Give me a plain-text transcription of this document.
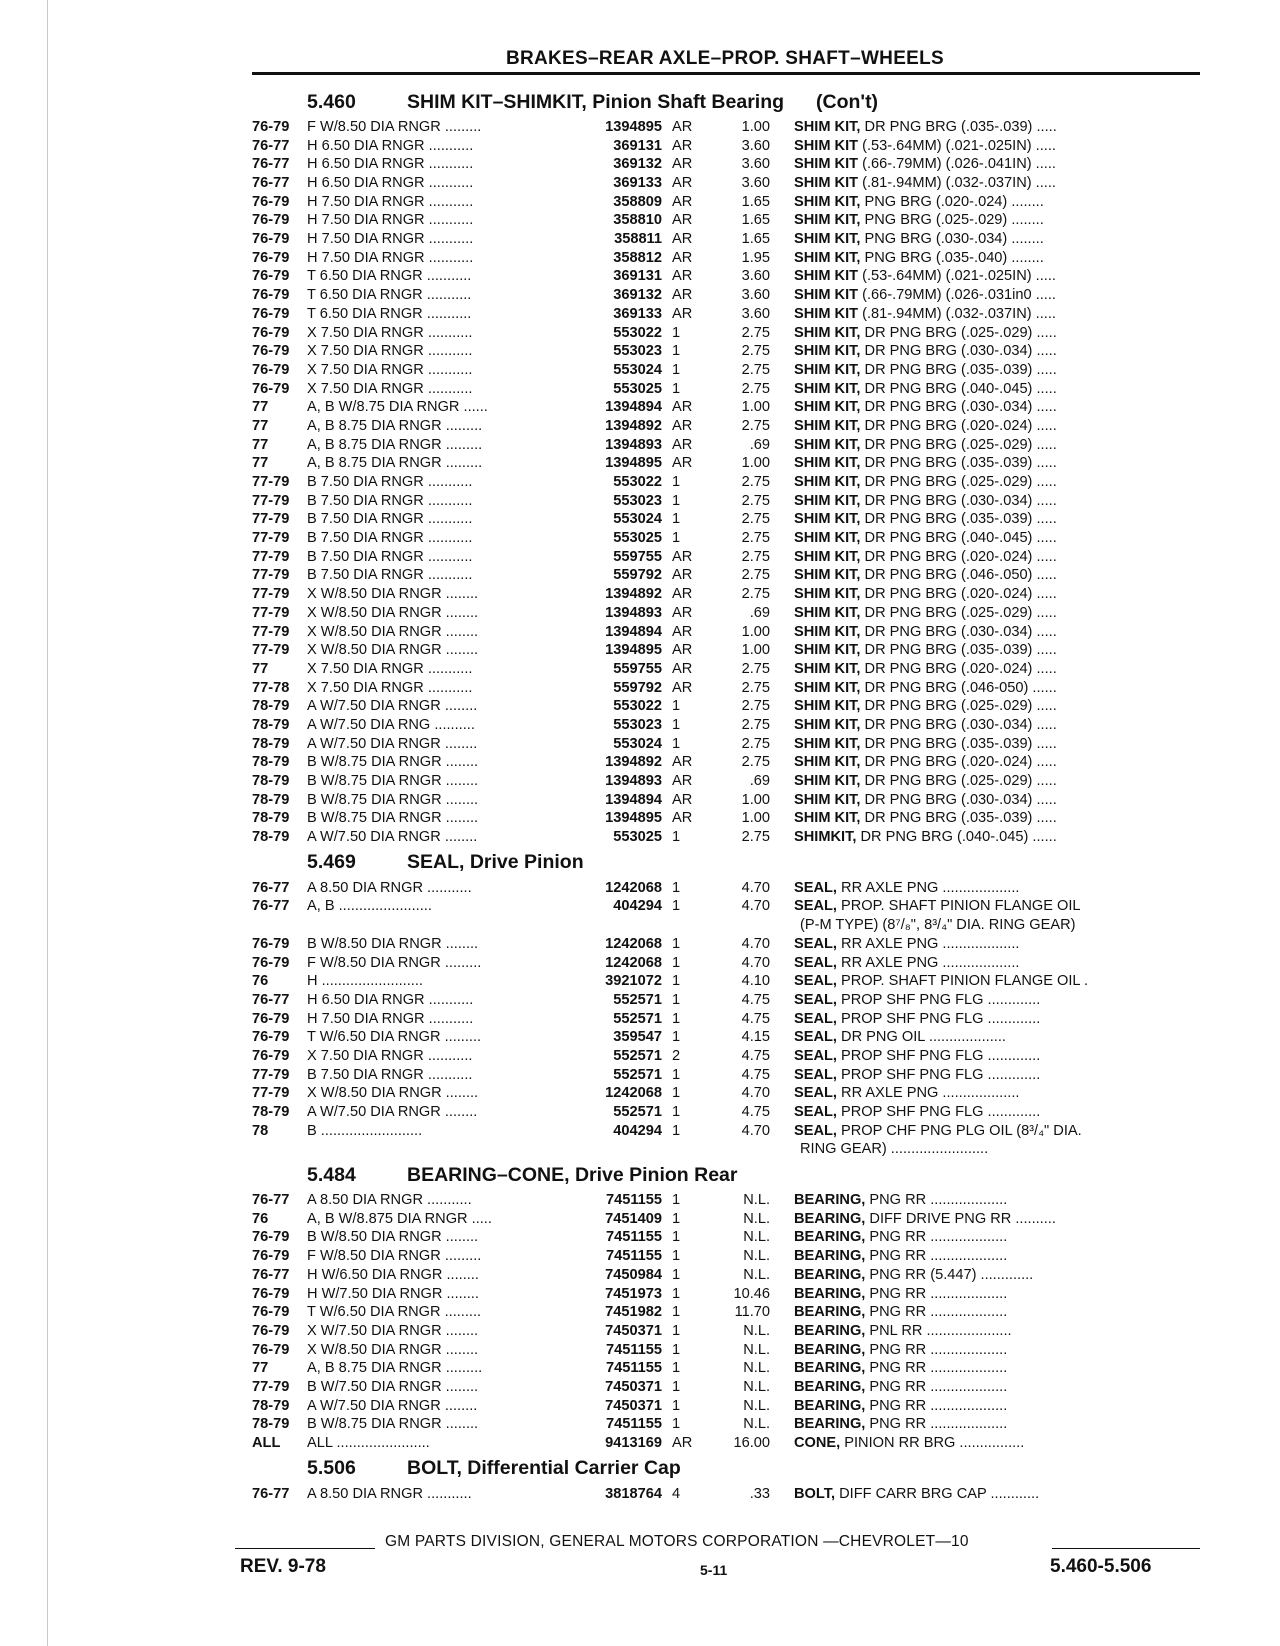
BRAKES–REAR AXLE–PROP. SHAFT–WHEELS
5.460	SHIM KIT–SHIMKIT, Pinion Shaft Bearing (Con't)
76-79	F W/8.50 DIA RNGR .........	1394895 AR	1.00	SHIM KIT, DR PNG BRG (.035-.039) .....
76-77	H 6.50 DIA RNGR ...........	369131 AR	3.60	SHIM KIT (.53-.64MM) (.021-.025IN) .....
76-77	H 6.50 DIA RNGR ...........	369132 AR	3.60	SHIM KIT (.66-.79MM) (.026-.041IN) .....
76-77	H 6.50 DIA RNGR ...........	369133 AR	3.60	SHIM KIT (.81-.94MM) (.032-.037IN) .....
76-79	H 7.50 DIA RNGR ...........	358809 AR	1.65	SHIM KIT, PNG BRG (.020-.024) ........
76-79	H 7.50 DIA RNGR ...........	358810 AR	1.65	SHIM KIT, PNG BRG (.025-.029) ........
76-79	H 7.50 DIA RNGR ...........	358811 AR	1.65	SHIM KIT, PNG BRG (.030-.034) ........
76-79	H 7.50 DIA RNGR ...........	358812 AR	1.95	SHIM KIT, PNG BRG (.035-.040) ........
76-79	T 6.50 DIA RNGR ...........	369131 AR	3.60	SHIM KIT (.53-.64MM) (.021-.025IN) .....
76-79	T 6.50 DIA RNGR ...........	369132 AR	3.60	SHIM KIT (.66-.79MM) (.026-.031in0 .....
76-79	T 6.50 DIA RNGR ...........	369133 AR	3.60	SHIM KIT (.81-.94MM) (.032-.037IN) .....
76-79	X 7.50 DIA RNGR ...........	553022 1	2.75	SHIM KIT, DR PNG BRG (.025-.029) .....
76-79	X 7.50 DIA RNGR ...........	553023 1	2.75	SHIM KIT, DR PNG BRG (.030-.034) .....
76-79	X 7.50 DIA RNGR ...........	553024 1	2.75	SHIM KIT, DR PNG BRG (.035-.039) .....
76-79	X 7.50 DIA RNGR ...........	553025 1	2.75	SHIM KIT, DR PNG BRG (.040-.045) .....
77	A, B W/8.75 DIA RNGR ......	1394894 AR	1.00	SHIM KIT, DR PNG BRG (.030-.034) .....
77	A, B 8.75 DIA RNGR .........	1394892 AR	2.75	SHIM KIT, DR PNG BRG (.020-.024) .....
77	A, B 8.75 DIA RNGR .........	1394893 AR	.69	SHIM KIT, DR PNG BRG (.025-.029) .....
77	A, B 8.75 DIA RNGR .........	1394895 AR	1.00	SHIM KIT, DR PNG BRG (.035-.039) .....
77-79	B 7.50 DIA RNGR ...........	553022 1	2.75	SHIM KIT, DR PNG BRG (.025-.029) .....
77-79	B 7.50 DIA RNGR ...........	553023 1	2.75	SHIM KIT, DR PNG BRG (.030-.034) .....
77-79	B 7.50 DIA RNGR ...........	553024 1	2.75	SHIM KIT, DR PNG BRG (.035-.039) .....
77-79	B 7.50 DIA RNGR ...........	553025 1	2.75	SHIM KIT, DR PNG BRG (.040-.045) .....
77-79	B 7.50 DIA RNGR ...........	559755 AR	2.75	SHIM KIT, DR PNG BRG (.020-.024) .....
77-79	B 7.50 DIA RNGR ...........	559792 AR	2.75	SHIM KIT, DR PNG BRG (.046-.050) .....
77-79	X W/8.50 DIA RNGR ........	1394892 AR	2.75	SHIM KIT, DR PNG BRG (.020-.024) .....
77-79	X W/8.50 DIA RNGR ........	1394893 AR	.69	SHIM KIT, DR PNG BRG (.025-.029) .....
77-79	X W/8.50 DIA RNGR ........	1394894 AR	1.00	SHIM KIT, DR PNG BRG (.030-.034) .....
77-79	X W/8.50 DIA RNGR ........	1394895 AR	1.00	SHIM KIT, DR PNG BRG (.035-.039) .....
77	X 7.50 DIA RNGR ...........	559755 AR	2.75	SHIM KIT, DR PNG BRG (.020-.024) .....
77-78	X 7.50 DIA RNGR ...........	559792 AR	2.75	SHIM KIT, DR PNG BRG (.046-050) ......
78-79	A W/7.50 DIA RNGR ........	553022 1	2.75	SHIM KIT, DR PNG BRG (.025-.029) .....
78-79	A W/7.50 DIA RNG ..........	553023 1	2.75	SHIM KIT, DR PNG BRG (.030-.034) .....
78-79	A W/7.50 DIA RNGR ........	553024 1	2.75	SHIM KIT, DR PNG BRG (.035-.039) .....
78-79	B W/8.75 DIA RNGR ........	1394892 AR	2.75	SHIM KIT, DR PNG BRG (.020-.024) .....
78-79	B W/8.75 DIA RNGR ........	1394893 AR	.69	SHIM KIT, DR PNG BRG (.025-.029) .....
78-79	B W/8.75 DIA RNGR ........	1394894 AR	1.00	SHIM KIT, DR PNG BRG (.030-.034) .....
78-79	B W/8.75 DIA RNGR ........	1394895 AR	1.00	SHIM KIT, DR PNG BRG (.035-.039) .....
78-79	A W/7.50 DIA RNGR ........	553025 1	2.75	SHIMKIT, DR PNG BRG (.040-.045) ......
5.469	SEAL, Drive Pinion
76-77	A 8.50 DIA RNGR ...........	1242068 1	4.70	SEAL, RR AXLE PNG ...................
76-77	A, B .......................	404294 1	4.70	SEAL, PROP. SHAFT PINION FLANGE OIL
(P-M TYPE) (8⁷/₈", 8³/₄" DIA. RING GEAR)
76-79	B W/8.50 DIA RNGR ........	1242068 1	4.70	SEAL, RR AXLE PNG ...................
76-79	F W/8.50 DIA RNGR .........	1242068 1	4.70	SEAL, RR AXLE PNG ...................
76	H .........................	3921072 1	4.10	SEAL, PROP. SHAFT PINION FLANGE OIL .
76-77	H 6.50 DIA RNGR ...........	552571 1	4.75	SEAL, PROP SHF PNG FLG .............
76-79	H 7.50 DIA RNGR ...........	552571 1	4.75	SEAL, PROP SHF PNG FLG .............
76-79	T W/6.50 DIA RNGR .........	359547 1	4.15	SEAL, DR PNG OIL ...................
76-79	X 7.50 DIA RNGR ...........	552571 2	4.75	SEAL, PROP SHF PNG FLG .............
77-79	B 7.50 DIA RNGR ...........	552571 1	4.75	SEAL, PROP SHF PNG FLG .............
77-79	X W/8.50 DIA RNGR ........	1242068 1	4.70	SEAL, RR AXLE PNG ...................
78-79	A W/7.50 DIA RNGR ........	552571 1	4.75	SEAL, PROP SHF PNG FLG .............
78	B .........................	404294 1	4.70	SEAL, PROP CHF PNG PLG OIL (8³/₄" DIA.
RING GEAR) ........................
5.484	BEARING–CONE, Drive Pinion Rear
76-77	A 8.50 DIA RNGR ...........	7451155 1	N.L.	BEARING, PNG RR ...................
76	A, B W/8.875 DIA RNGR .....	7451409 1	N.L.	BEARING, DIFF DRIVE PNG RR ..........
76-79	B W/8.50 DIA RNGR ........	7451155 1	N.L.	BEARING, PNG RR ...................
76-79	F W/8.50 DIA RNGR .........	7451155 1	N.L.	BEARING, PNG RR ...................
76-77	H W/6.50 DIA RNGR ........	7450984 1	N.L.	BEARING, PNG RR (5.447) .............
76-79	H W/7.50 DIA RNGR ........	7451973 1	10.46	BEARING, PNG RR ...................
76-79	T W/6.50 DIA RNGR .........	7451982 1	11.70	BEARING, PNG RR ...................
76-79	X W/7.50 DIA RNGR ........	7450371 1	N.L.	BEARING, PNL RR .....................
76-79	X W/8.50 DIA RNGR ........	7451155 1	N.L.	BEARING, PNG RR ...................
77	A, B 8.75 DIA RNGR .........	7451155 1	N.L.	BEARING, PNG RR ...................
77-79	B W/7.50 DIA RNGR ........	7450371 1	N.L.	BEARING, PNG RR ...................
78-79	A W/7.50 DIA RNGR ........	7450371 1	N.L.	BEARING, PNG RR ...................
78-79	B W/8.75 DIA RNGR ........	7451155 1	N.L.	BEARING, PNG RR ...................
ALL	ALL .......................	9413169 AR	16.00	CONE, PINION RR BRG ................
5.506	BOLT, Differential Carrier Cap
76-77	A 8.50 DIA RNGR ...........	3818764 4	.33	BOLT, DIFF CARR BRG CAP ............
GM PARTS DIVISION, GENERAL MOTORS CORPORATION —CHEVROLET—10
REV. 9-78	5-11	5.460-5.506
